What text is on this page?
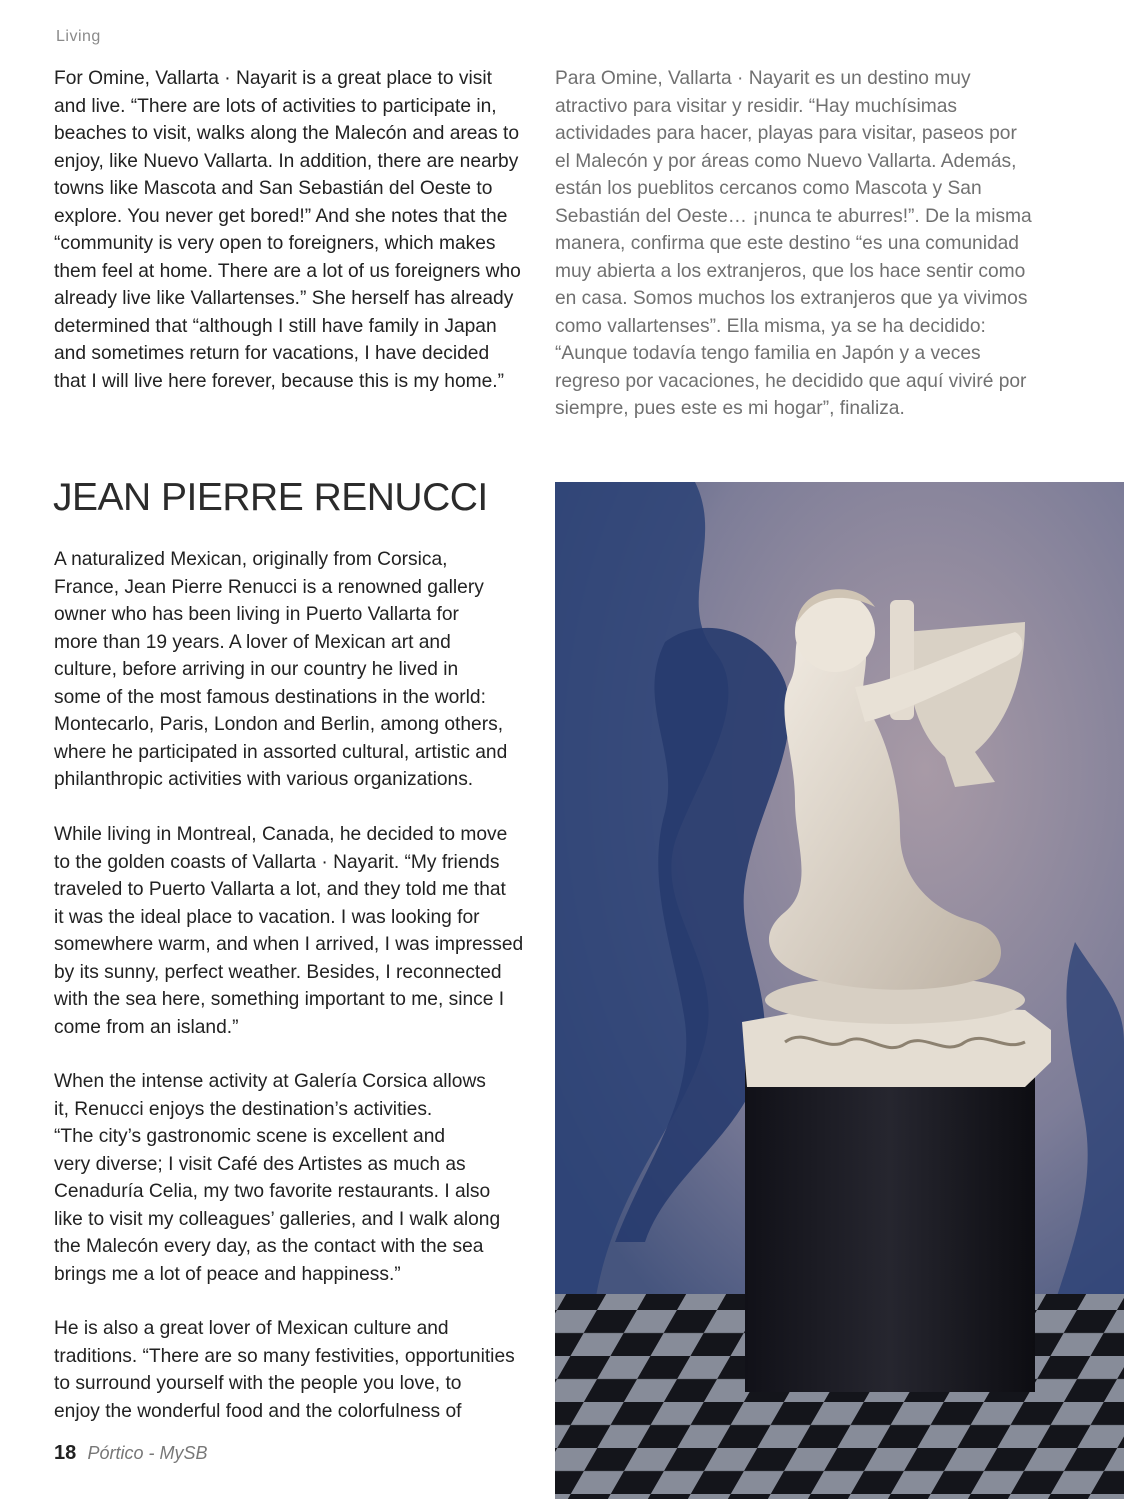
Living

For Omine, Vallarta · Nayarit is a great place to visit
and live. “There are lots of activities to participate in,
beaches to visit, walks along the Malecón and areas to
enjoy, like Nuevo Vallarta. In addition, there are nearby
towns like Mascota and San Sebastián del Oeste to
explore. You never get bored!” And she notes that the
“community is very open to foreigners, which makes
them feel at home. There are a lot of us foreigners who
already live like Vallartenses.” She herself has already
determined that “although I still have family in Japan
and sometimes return for vacations, I have decided
that I will live here forever, because this is my home.”

Para Omine, Vallarta · Nayarit es un destino muy
atractivo para visitar y residir. “Hay muchísimas
actividades para hacer, playas para visitar, paseos por
el Malecón y por áreas como Nuevo Vallarta. Además,
están los pueblitos cercanos como Mascota y San
Sebastián del Oeste… ¡nunca te aburres!”. De la misma
manera, confirma que este destino “es una comunidad
muy abierta a los extranjeros, que los hace sentir como
en casa. Somos muchos los extranjeros que ya vivimos
como vallartenses”. Ella misma, ya se ha decidido:
“Aunque todavía tengo familia en Japón y a veces
regreso por vacaciones, he decidido que aquí viviré por
siempre, pues este es mi hogar”, finaliza.

JEAN PIERRE RENUCCI

A naturalized Mexican, originally from Corsica,
France, Jean Pierre Renucci is a renowned gallery
owner who has been living in Puerto Vallarta for
more than 19 years. A lover of Mexican art and
culture, before arriving in our country he lived in
some of the most famous destinations in the world:
Montecarlo, Paris, London and Berlin, among others,
where he participated in assorted cultural, artistic and
philanthropic activities with various organizations.

While living in Montreal, Canada, he decided to move
to the golden coasts of Vallarta · Nayarit. “My friends
traveled to Puerto Vallarta a lot, and they told me that
it was the ideal place to vacation. I was looking for
somewhere warm, and when I arrived, I was impressed
by its sunny, perfect weather. Besides, I reconnected
with the sea here, something important to me, since I
come from an island.”

When the intense activity at Galería Corsica allows
it, Renucci enjoys the destination’s activities.
“The city’s gastronomic scene is excellent and
very diverse; I visit Café des Artistes as much as
Cenaduría Celia, my two favorite restaurants. I also
like to visit my colleagues’ galleries, and I walk along
the Malecón every day, as the contact with the sea
brings me a lot of peace and happiness.”

He is also a great lover of Mexican culture and
traditions. “There are so many festivities, opportunities
to surround yourself with the people you love, to
enjoy the wonderful food and the colorfulness of

18 Pórtico - MySB
